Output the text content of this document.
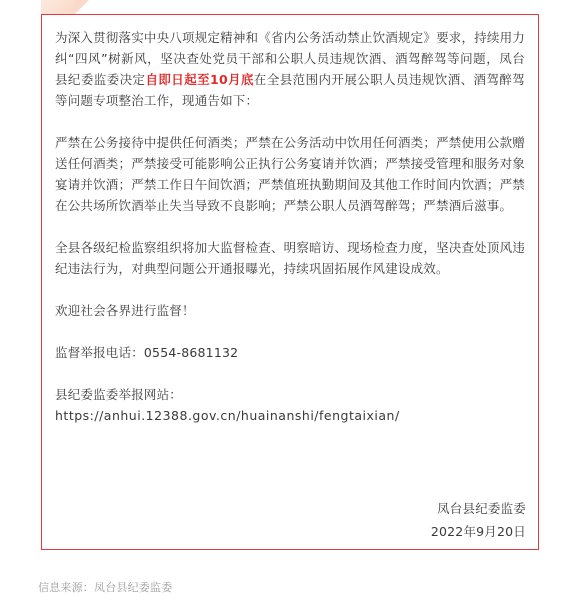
为深入贯彻落实中央八项规定精神和《省内公务活动禁止饮酒规定》要求，持续用力纠“四风”树新风，坚决查处党员干部和公职人员违规饮酒、酒驾醉驾等问题，凤台县纪委监委决定自即日起至10月底在全县范围内开展公职人员违规饮酒、酒驾醉驾等问题专项整治工作，现通告如下：

严禁在公务接待中提供任何酒类；严禁在公务活动中饮用任何酒类；严禁使用公款赠送任何酒类；严禁接受可能影响公正执行公务宴请并饮酒；严禁接受管理和服务对象宴请并饮酒；严禁工作日午间饮酒；严禁值班执勤期间及其他工作时间内饮酒；严禁在公共场所饮酒举止失当导致不良影响；严禁公职人员酒驾醉驾；严禁酒后滋事。

全县各级纪检监察组织将加大监督检查、明察暗访、现场检查力度，坚决查处顶风违纪违法行为，对典型问题公开通报曝光，持续巩固拓展作风建设成效。

欢迎社会各界进行监督！

监督举报电话：0554-8681132

县纪委监委举报网站：

https://anhui.12388.gov.cn/huainanshi/fengtaixian/

凤台县纪委监委
2022年9月20日
信息来源：凤台县纪委监委
